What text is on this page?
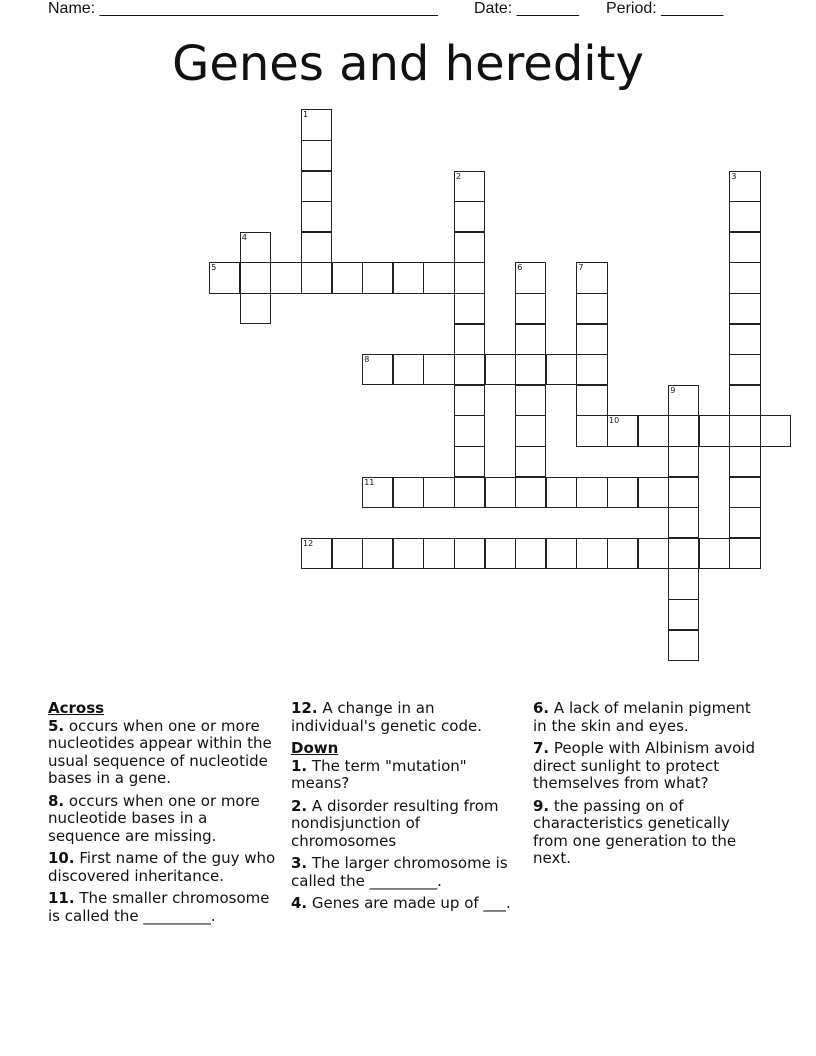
Name: ______________________________________ Date: _______ Period: _______
Genes and heredity
1
2	3
4
5	6	7
8
9
10
11
12
Across
5. occurs when one or more nucleotides appear within the usual sequence of nucleotide bases in a gene.
8. occurs when one or more nucleotide bases in a sequence are missing.
10. First name of the guy who discovered inheritance.
11. The smaller chromosome is called the _________.
12. A change in an individual's genetic code.
Down
1. The term "mutation" means?
2. A disorder resulting from nondisjunction of chromosomes
3. The larger chromosome is called the _________.
4. Genes are made up of ___.
6. A lack of melanin pigment in the skin and eyes.
7. People with Albinism avoid direct sunlight to protect themselves from what?
9. the passing on of characteristics genetically from one generation to the next.
